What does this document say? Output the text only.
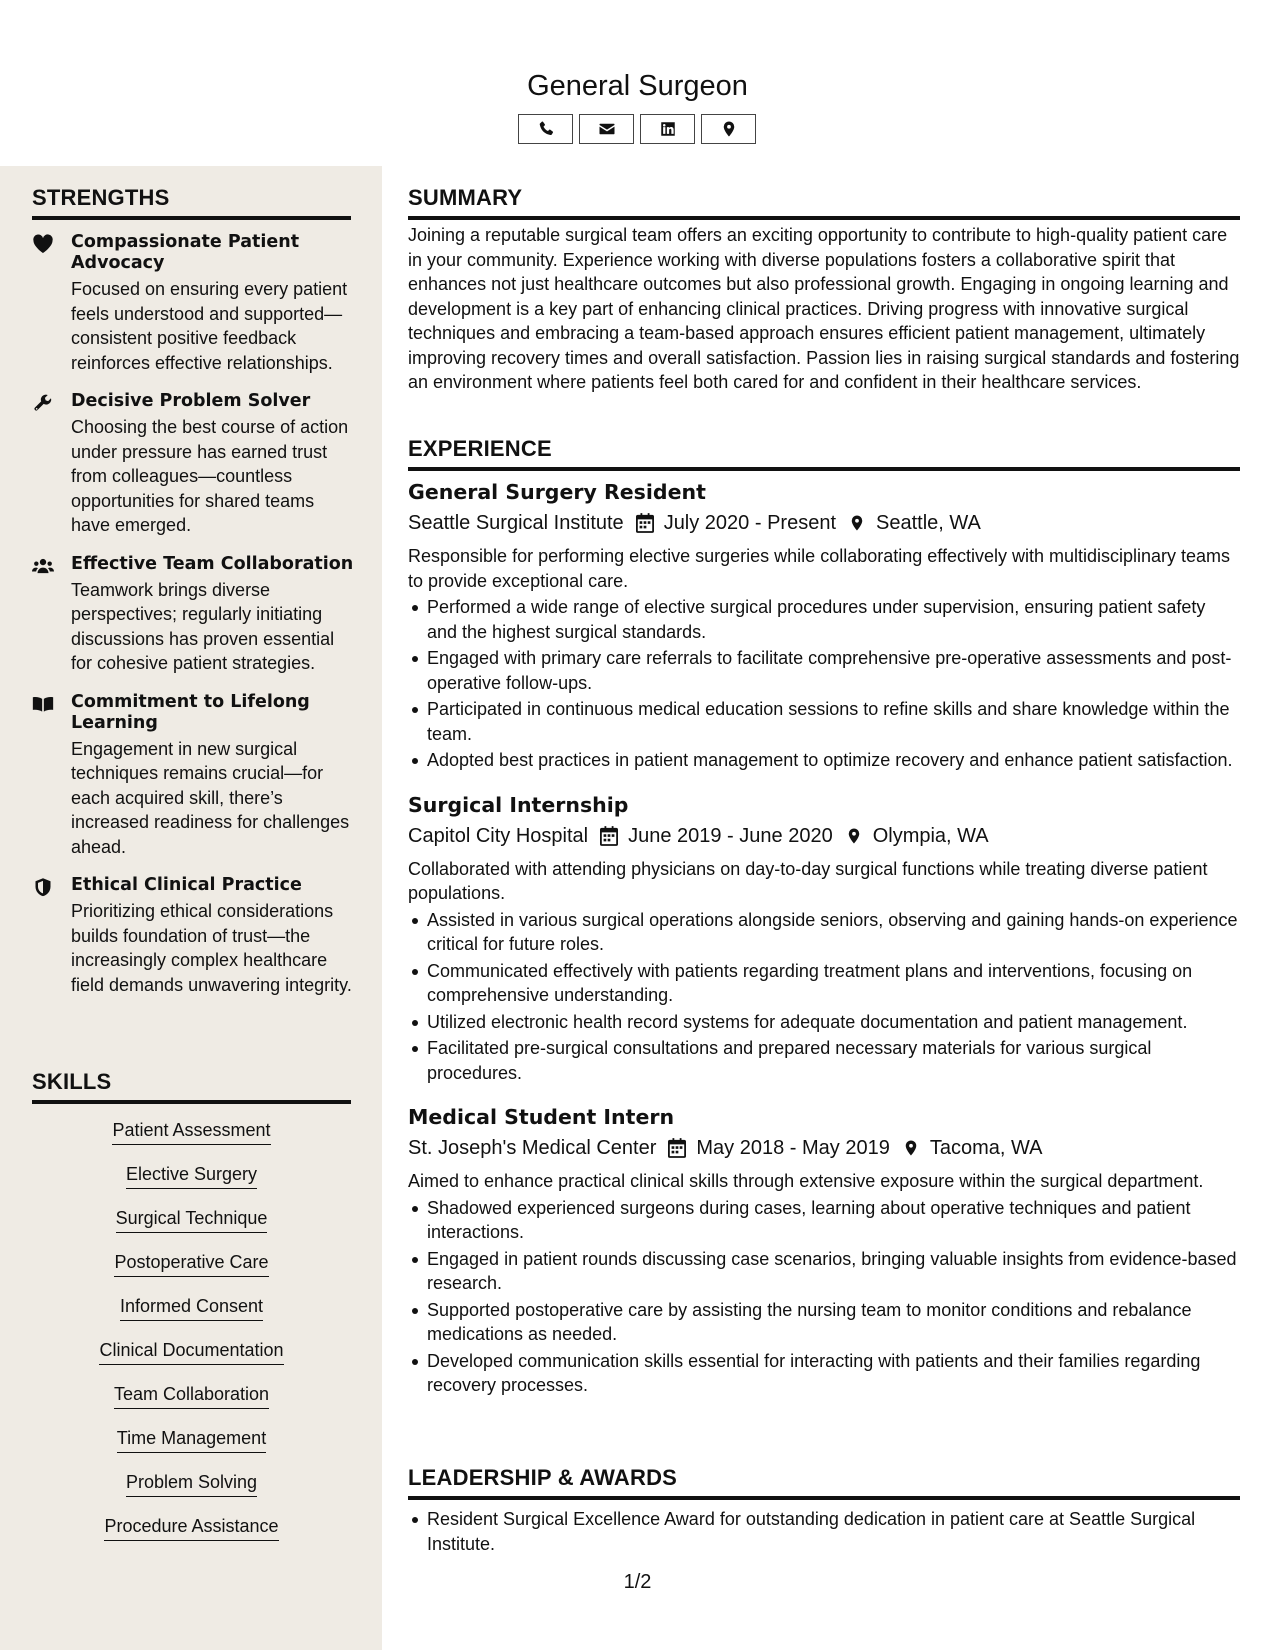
General Surgeon
STRENGTHS
Compassionate Patient Advocacy
Focused on ensuring every patient feels understood and supported—consistent positive feedback reinforces effective relationships.
Decisive Problem Solver
Choosing the best course of action under pressure has earned trust from colleagues—countless opportunities for shared teams have emerged.
Effective Team Collaboration
Teamwork brings diverse perspectives; regularly initiating discussions has proven essential for cohesive patient strategies.
Commitment to Lifelong Learning
Engagement in new surgical techniques remains crucial—for each acquired skill, there’s increased readiness for challenges ahead.
Ethical Clinical Practice
Prioritizing ethical considerations builds foundation of trust—the increasingly complex healthcare field demands unwavering integrity.
SKILLS
Patient Assessment
Elective Surgery
Surgical Technique
Postoperative Care
Informed Consent
Clinical Documentation
Team Collaboration
Time Management
Problem Solving
Procedure Assistance
SUMMARY
Joining a reputable surgical team offers an exciting opportunity to contribute to high-quality patient care in your community. Experience working with diverse populations fosters a collaborative spirit that enhances not just healthcare outcomes but also professional growth. Engaging in ongoing learning and development is a key part of enhancing clinical practices. Driving progress with innovative surgical techniques and embracing a team-based approach ensures efficient patient management, ultimately improving recovery times and overall satisfaction. Passion lies in raising surgical standards and fostering an environment where patients feel both cared for and confident in their healthcare services.
EXPERIENCE
General Surgery Resident
Seattle Surgical Institute July 2020 - Present Seattle, WA
Responsible for performing elective surgeries while collaborating effectively with multidisciplinary teams to provide exceptional care.
Performed a wide range of elective surgical procedures under supervision, ensuring patient safety and the highest surgical standards.
Engaged with primary care referrals to facilitate comprehensive pre-operative assessments and post-operative follow-ups.
Participated in continuous medical education sessions to refine skills and share knowledge within the team.
Adopted best practices in patient management to optimize recovery and enhance patient satisfaction.
Surgical Internship
Capitol City Hospital June 2019 - June 2020 Olympia, WA
Collaborated with attending physicians on day-to-day surgical functions while treating diverse patient populations.
Assisted in various surgical operations alongside seniors, observing and gaining hands-on experience critical for future roles.
Communicated effectively with patients regarding treatment plans and interventions, focusing on comprehensive understanding.
Utilized electronic health record systems for adequate documentation and patient management.
Facilitated pre-surgical consultations and prepared necessary materials for various surgical procedures.
Medical Student Intern
St. Joseph's Medical Center May 2018 - May 2019 Tacoma, WA
Aimed to enhance practical clinical skills through extensive exposure within the surgical department.
Shadowed experienced surgeons during cases, learning about operative techniques and patient interactions.
Engaged in patient rounds discussing case scenarios, bringing valuable insights from evidence-based research.
Supported postoperative care by assisting the nursing team to monitor conditions and rebalance medications as needed.
Developed communication skills essential for interacting with patients and their families regarding recovery processes.
LEADERSHIP & AWARDS
Resident Surgical Excellence Award for outstanding dedication in patient care at Seattle Surgical Institute.
1/2
